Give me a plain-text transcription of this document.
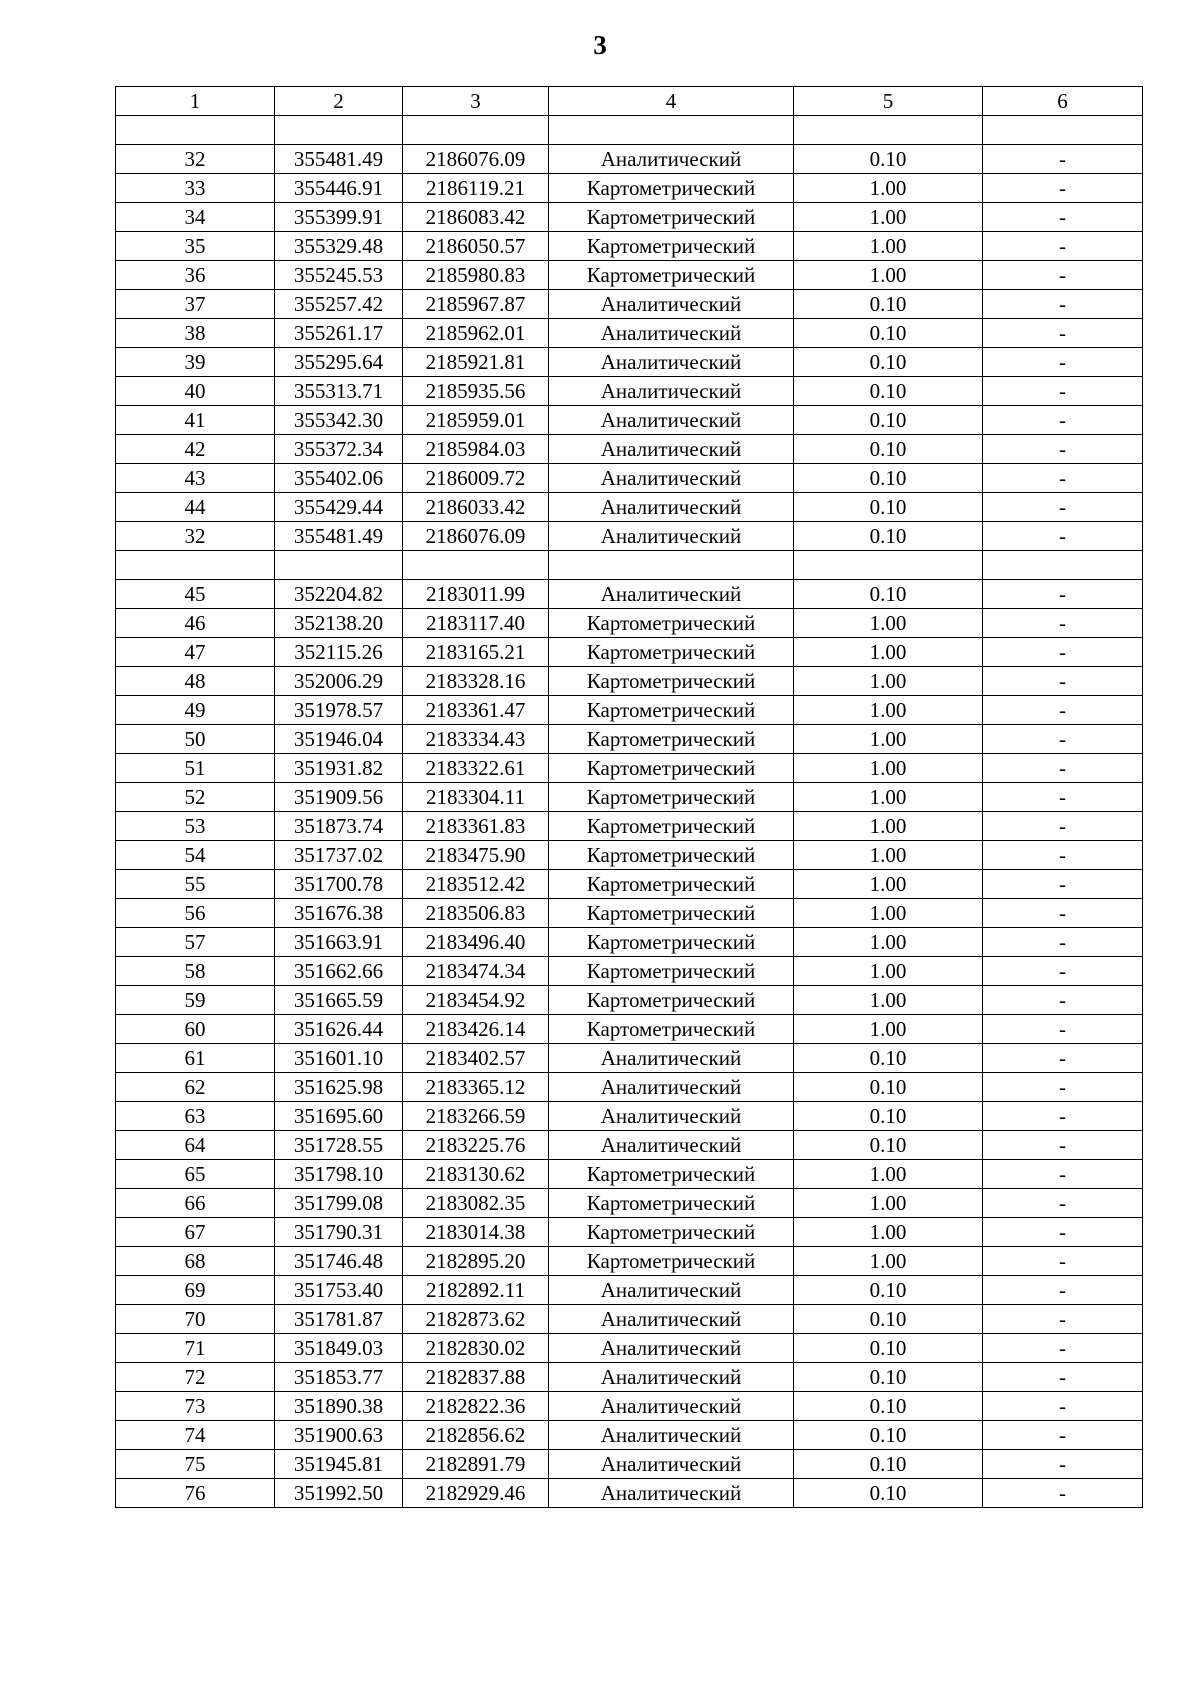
3
1	2	3	4	5	6

32	355481.49	2186076.09	Аналитический	0.10	-
33	355446.91	2186119.21	Картометрический	1.00	-
34	355399.91	2186083.42	Картометрический	1.00	-
35	355329.48	2186050.57	Картометрический	1.00	-
36	355245.53	2185980.83	Картометрический	1.00	-
37	355257.42	2185967.87	Аналитический	0.10	-
38	355261.17	2185962.01	Аналитический	0.10	-
39	355295.64	2185921.81	Аналитический	0.10	-
40	355313.71	2185935.56	Аналитический	0.10	-
41	355342.30	2185959.01	Аналитический	0.10	-
42	355372.34	2185984.03	Аналитический	0.10	-
43	355402.06	2186009.72	Аналитический	0.10	-
44	355429.44	2186033.42	Аналитический	0.10	-
32	355481.49	2186076.09	Аналитический	0.10	-

45	352204.82	2183011.99	Аналитический	0.10	-
46	352138.20	2183117.40	Картометрический	1.00	-
47	352115.26	2183165.21	Картометрический	1.00	-
48	352006.29	2183328.16	Картометрический	1.00	-
49	351978.57	2183361.47	Картометрический	1.00	-
50	351946.04	2183334.43	Картометрический	1.00	-
51	351931.82	2183322.61	Картометрический	1.00	-
52	351909.56	2183304.11	Картометрический	1.00	-
53	351873.74	2183361.83	Картометрический	1.00	-
54	351737.02	2183475.90	Картометрический	1.00	-
55	351700.78	2183512.42	Картометрический	1.00	-
56	351676.38	2183506.83	Картометрический	1.00	-
57	351663.91	2183496.40	Картометрический	1.00	-
58	351662.66	2183474.34	Картометрический	1.00	-
59	351665.59	2183454.92	Картометрический	1.00	-
60	351626.44	2183426.14	Картометрический	1.00	-
61	351601.10	2183402.57	Аналитический	0.10	-
62	351625.98	2183365.12	Аналитический	0.10	-
63	351695.60	2183266.59	Аналитический	0.10	-
64	351728.55	2183225.76	Аналитический	0.10	-
65	351798.10	2183130.62	Картометрический	1.00	-
66	351799.08	2183082.35	Картометрический	1.00	-
67	351790.31	2183014.38	Картометрический	1.00	-
68	351746.48	2182895.20	Картометрический	1.00	-
69	351753.40	2182892.11	Аналитический	0.10	-
70	351781.87	2182873.62	Аналитический	0.10	-
71	351849.03	2182830.02	Аналитический	0.10	-
72	351853.77	2182837.88	Аналитический	0.10	-
73	351890.38	2182822.36	Аналитический	0.10	-
74	351900.63	2182856.62	Аналитический	0.10	-
75	351945.81	2182891.79	Аналитический	0.10	-
76	351992.50	2182929.46	Аналитический	0.10	-
